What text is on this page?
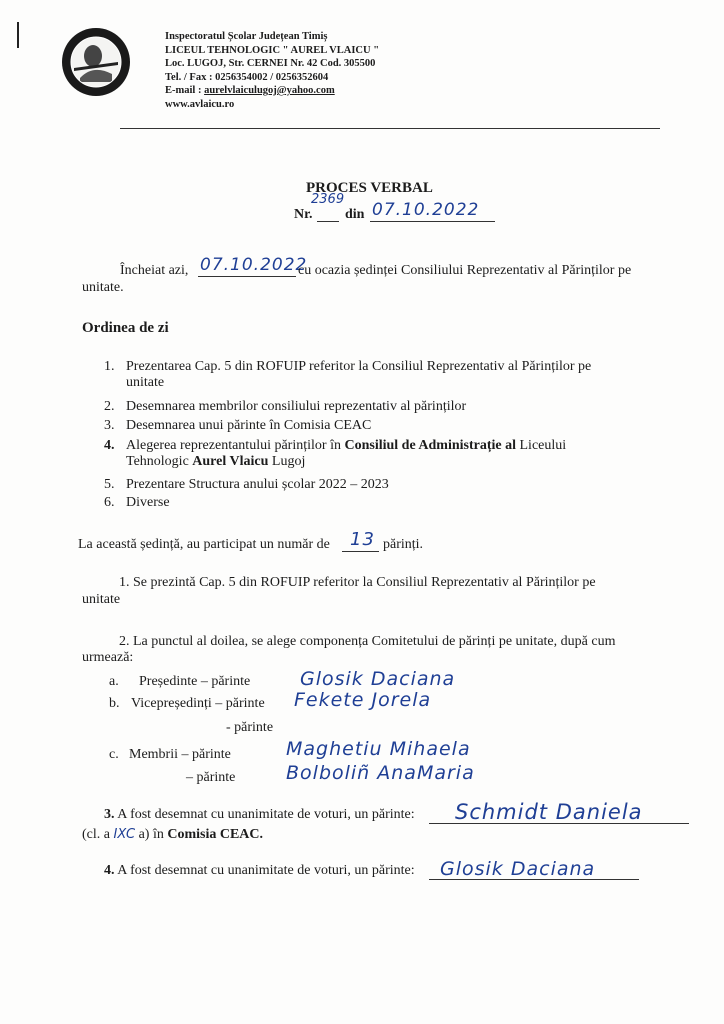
Inspectoratul Școlar Județean Timiș
LICEUL TEHNOLOGIC " AUREL VLAICU "
Loc. LUGOJ, Str. CERNEI Nr. 42 Cod. 305500
Tel. / Fax : 0256354002 / 0256352604
E-mail : aurelvlaiculugoj@yahoo.com
www.avlaicu.ro
PROCES VERBAL
Nr.
2369
din 07.10.2022
Încheiat azi, 07.10.2022
cu ocazia ședinței Consiliului Reprezentativ al Părinților pe
unitate.
Ordinea de zi
1. Prezentarea Cap. 5 din ROFUIP referitor la Consiliul Reprezentativ al Părinților pe
unitate
2. Desemnarea membrilor consiliului reprezentativ al părinților
3. Desemnarea unui părinte în Comisia CEAC
4. Alegerea reprezentantului părinților în Consiliul de Administrație al Liceului
Tehnologic Aurel Vlaicu Lugoj
5. Prezentare Structura anului școlar 2022 – 2023
6. Diverse
La această ședință, au participat un număr de 13 părinți.
1. Se prezintă Cap. 5 din ROFUIP referitor la Consiliul Reprezentativ al Părinților pe
unitate
2. La punctul al doilea, se alege componența Comitetului de părinți pe unitate, după cum
urmează:
a. Președinte – părinte	Glosik Daciana
b. Vicepreședinți – părinte Fekete Jorela
- părinte
c. Membrii – părinte	Maghetiu Mihaela
– părinte	Bolboliñ AnaMaria
3. A fost desemnat cu unanimitate de voturi, un părinte: Schmidt Daniela
(cl. a IXC a) în Comisia CEAC.
4. A fost desemnat cu unanimitate de voturi, un părinte: Glosik Daciana
